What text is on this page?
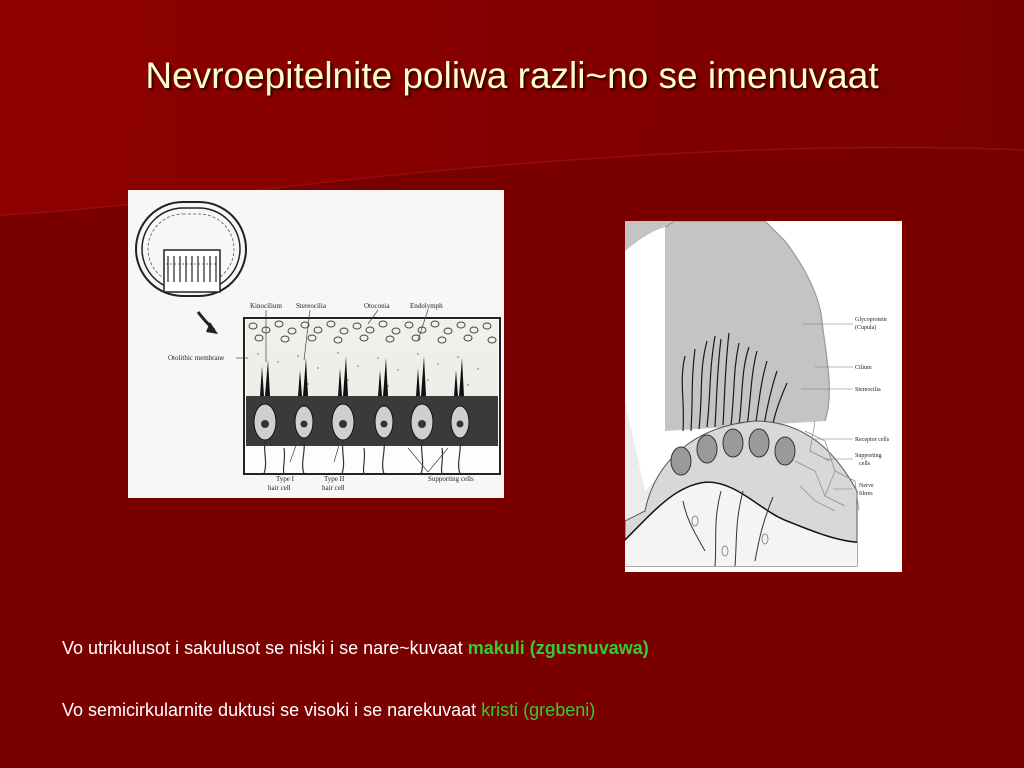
Nevroepitelnite poliwa razli~no se imenuvaat
Kinocilium Stereocilia	Otoconia	Endolymph
Otolithic membrane
Type I
hair cell
Type II
hair cell
Supporting cells
Glycoprotein
(Cupula)
Cilium
Stereocilia
Receptor cells
Supporting
cells
Nerve
fibres
Vo utrikulusot i sakulusot se niski i se nare~kuvaat makuli (zgusnuvawa)
Vo semicirkularnite duktusi se visoki i se narekuvaat kristi (grebeni)
